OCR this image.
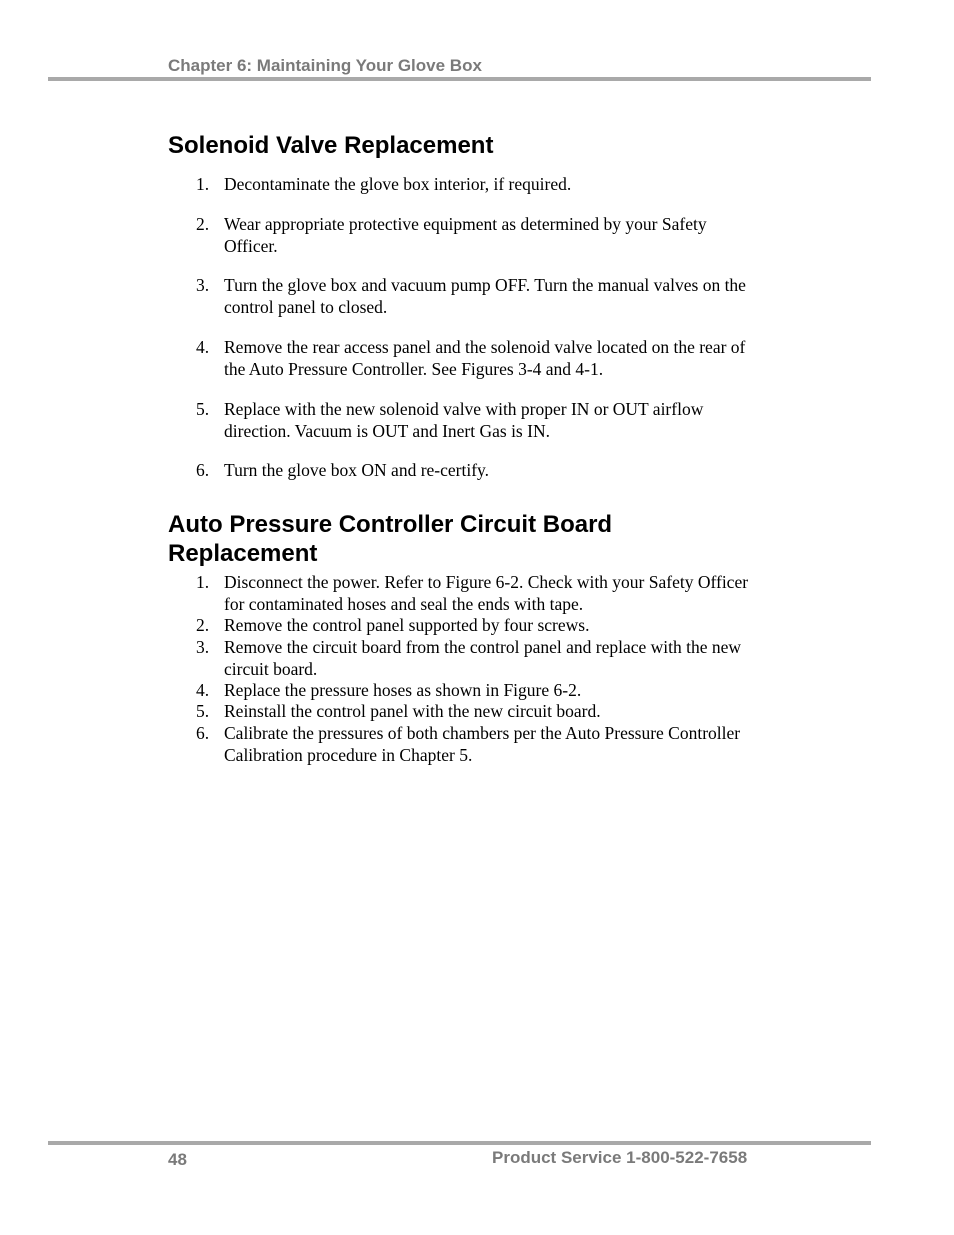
Chapter 6: Maintaining Your Glove Box
Solenoid Valve Replacement
1. Decontaminate the glove box interior, if required.
2. Wear appropriate protective equipment as determined by your Safety Officer.
3. Turn the glove box and vacuum pump OFF. Turn the manual valves on the control panel to closed.
4. Remove the rear access panel and the solenoid valve located on the rear of the Auto Pressure Controller. See Figures 3-4 and 4-1.
5. Replace with the new solenoid valve with proper IN or OUT airflow direction. Vacuum is OUT and Inert Gas is IN.
6. Turn the glove box ON and re-certify.
Auto Pressure Controller Circuit Board Replacement
1. Disconnect the power. Refer to Figure 6-2. Check with your Safety Officer for contaminated hoses and seal the ends with tape.
2. Remove the control panel supported by four screws.
3. Remove the circuit board from the control panel and replace with the new circuit board.
4. Replace the pressure hoses as shown in Figure 6-2.
5. Reinstall the control panel with the new circuit board.
6. Calibrate the pressures of both chambers per the Auto Pressure Controller Calibration procedure in Chapter 5.
48	Product Service 1-800-522-7658
